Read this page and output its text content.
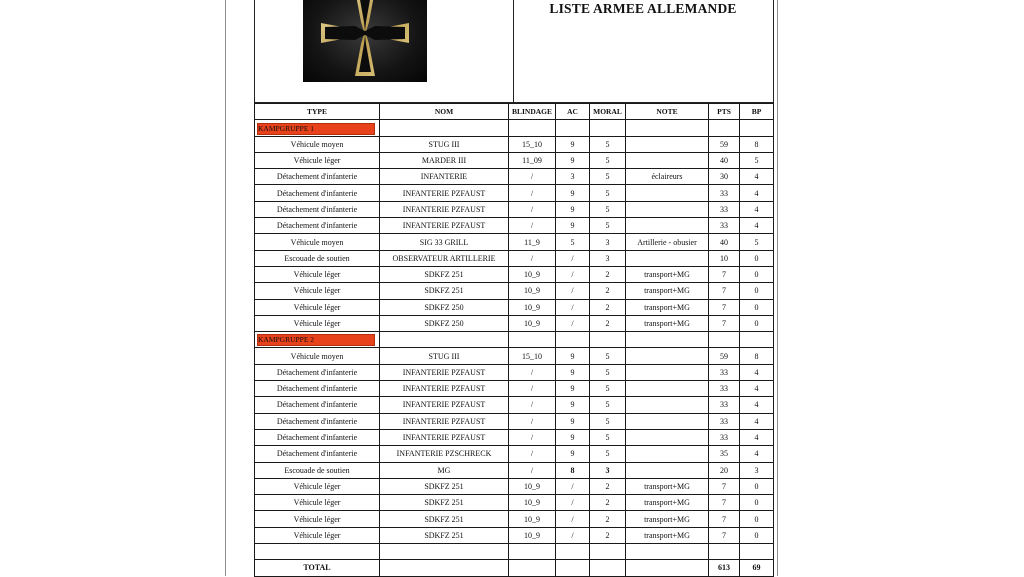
LISTE ARMEE ALLEMANDE
TYPE	NOM	BLINDAGE	AC	MORAL	NOTE	PTS	BP
KAMPGRUPPE 1							
Véhicule moyen	STUG III	15_10	9	5		59	8
Véhicule léger	MARDER III	11_09	9	5		40	5
Détachement d'infanterie	INFANTERIE	/	3	5	éclaireurs	30	4
Détachement d'infanterie	INFANTERIE PZFAUST	/	9	5		33	4
Détachement d'infanterie	INFANTERIE PZFAUST	/	9	5		33	4
Détachement d'infanterie	INFANTERIE PZFAUST	/	9	5		33	4
Véhicule moyen	SIG 33 GRILL	11_9	5	3	Artillerie - obusier	40	5
Escouade de soutien	OBSERVATEUR ARTILLERIE	/	/	3		10	0
Véhicule léger	SDKFZ 251	10_9	/	2	transport+MG	7	0
Véhicule léger	SDKFZ 251	10_9	/	2	transport+MG	7	0
Véhicule léger	SDKFZ 250	10_9	/	2	transport+MG	7	0
Véhicule léger	SDKFZ 250	10_9	/	2	transport+MG	7	0
KAMPGRUPPE 2							
Véhicule moyen	STUG III	15_10	9	5		59	8
Détachement d'infanterie	INFANTERIE PZFAUST	/	9	5		33	4
Détachement d'infanterie	INFANTERIE PZFAUST	/	9	5		33	4
Détachement d'infanterie	INFANTERIE PZFAUST	/	9	5		33	4
Détachement d'infanterie	INFANTERIE PZFAUST	/	9	5		33	4
Détachement d'infanterie	INFANTERIE PZFAUST	/	9	5		33	4
Détachement d'infanterie	INFANTERIE PZSCHRECK	/	9	5		35	4
Escouade de soutien	MG	/	8	3		20	3
Véhicule léger	SDKFZ 251	10_9	/	2	transport+MG	7	0
Véhicule léger	SDKFZ 251	10_9	/	2	transport+MG	7	0
Véhicule léger	SDKFZ 251	10_9	/	2	transport+MG	7	0
Véhicule léger	SDKFZ 251	10_9	/	2	transport+MG	7	0

TOTAL						613	69
